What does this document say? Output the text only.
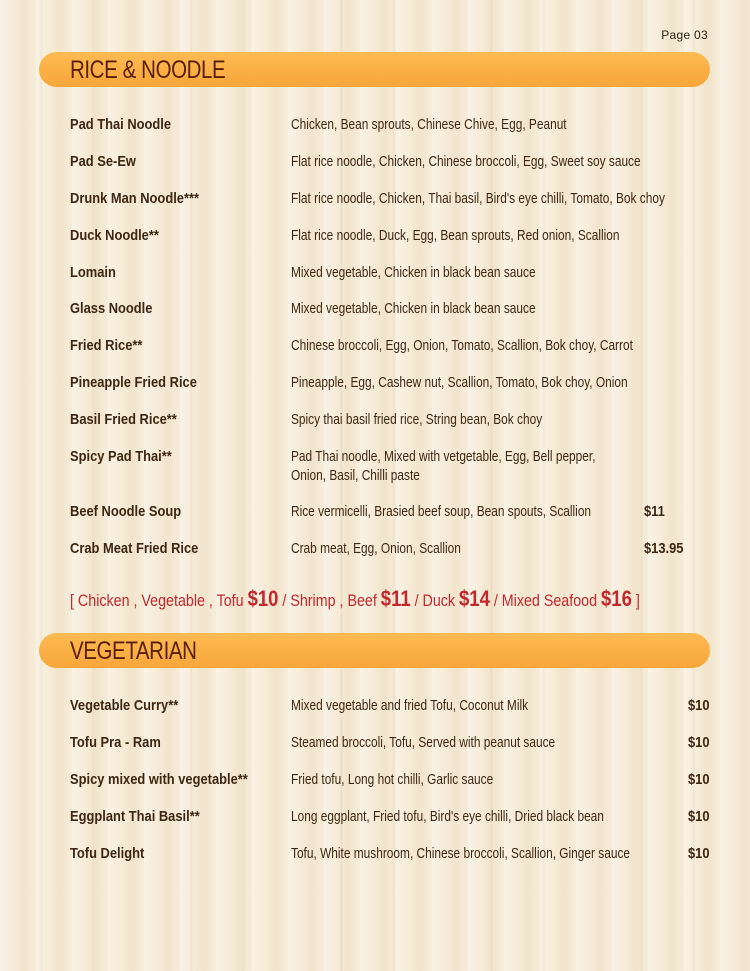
Page 03
RICE & NOODLE
Pad Thai Noodle	Chicken, Bean sprouts, Chinese Chive, Egg, Peanut
Pad Se-Ew	Flat rice noodle, Chicken, Chinese broccoli, Egg, Sweet soy sauce
Drunk Man Noodle***	Flat rice noodle, Chicken, Thai basil, Bird's eye chilli, Tomato, Bok choy
Duck Noodle**	Flat rice noodle, Duck, Egg, Bean sprouts, Red onion, Scallion
Lomain	Mixed vegetable, Chicken in black bean sauce
Glass Noodle	Mixed vegetable, Chicken in black bean sauce
Fried Rice**	Chinese broccoli, Egg, Onion, Tomato, Scallion, Bok choy, Carrot
Pineapple Fried Rice	Pineapple, Egg, Cashew nut, Scallion, Tomato, Bok choy, Onion
Basil Fried Rice**	Spicy thai basil fried rice, String bean, Bok choy
Spicy Pad Thai**	Pad Thai noodle, Mixed with vetgetable, Egg, Bell pepper,
Onion, Basil, Chilli paste
Beef Noodle Soup	Rice vermicelli, Brasied beef soup, Bean spouts, Scallion	$11
Crab Meat Fried Rice	Crab meat, Egg, Onion, Scallion	$13.95
[ Chicken , Vegetable , Tofu $10 / Shrimp , Beef $11 / Duck $14 / Mixed Seafood $16 ]
VEGETARIAN
Vegetable Curry**	Mixed vegetable and fried Tofu, Coconut Milk	$10
Tofu Pra - Ram	Steamed broccoli, Tofu, Served with peanut sauce	$10
Spicy mixed with vegetable**	Fried tofu, Long hot chilli, Garlic sauce	$10
Eggplant Thai Basil**	Long eggplant, Fried tofu, Bird's eye chilli, Dried black bean	$10
Tofu Delight	Tofu, White mushroom, Chinese broccoli, Scallion, Ginger sauce	$10
